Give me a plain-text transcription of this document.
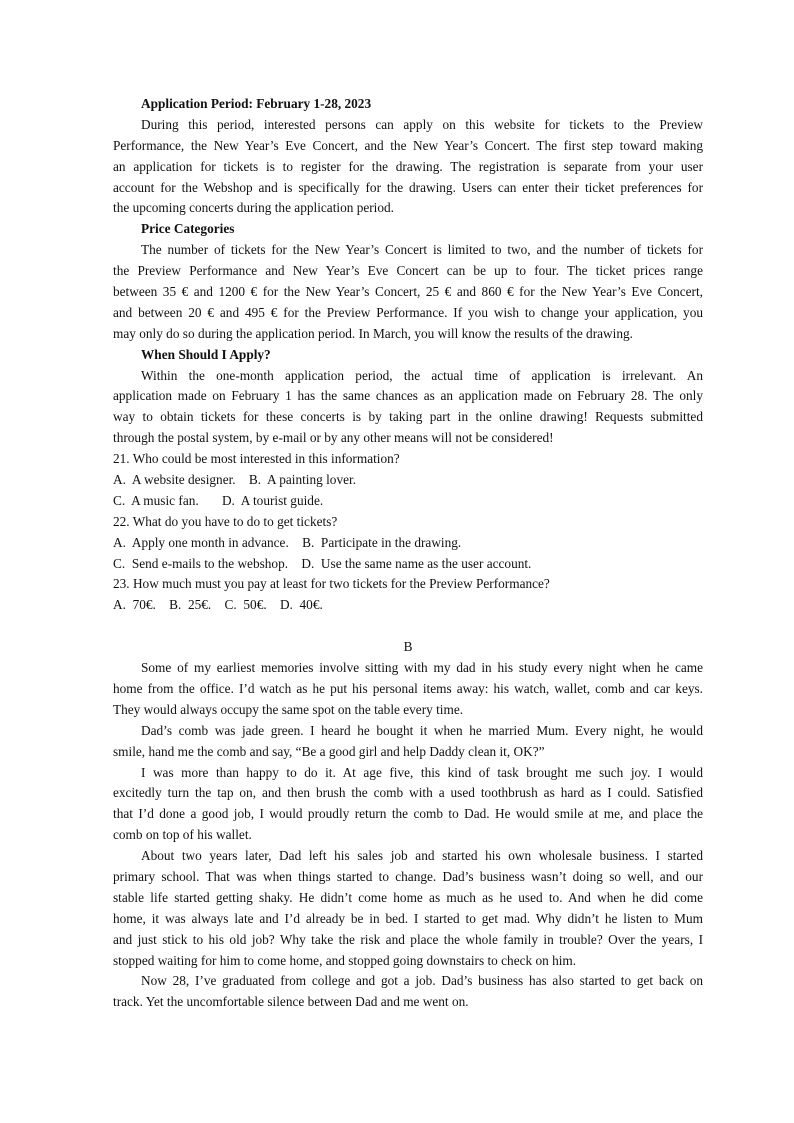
Application Period: February 1-28, 2023
During this period, interested persons can apply on this website for tickets to the Preview
Performance, the New Year’s Eve Concert, and the New Year’s Concert. The first step toward making
an application for tickets is to register for the drawing. The registration is separate from your user
account for the Webshop and is specifically for the drawing. Users can enter their ticket preferences for
the upcoming concerts during the application period.
Price Categories
The number of tickets for the New Year’s Concert is limited to two, and the number of tickets for
the Preview Performance and New Year’s Eve Concert can be up to four. The ticket prices range
between 35 € and 1200 € for the New Year’s Concert, 25 € and 860 € for the New Year’s Eve Concert,
and between 20 € and 495 € for the Preview Performance. If you wish to change your application, you
may only do so during the application period. In March, you will know the results of the drawing.
When Should I Apply?
Within the one-month application period, the actual time of application is irrelevant. An
application made on February 1 has the same chances as an application made on February 28. The only
way to obtain tickets for these concerts is by taking part in the online drawing! Requests submitted
through the postal system, by e-mail or by any other means will not be considered!
21. Who could be most interested in this information?
A.  A website designer.    B.  A painting lover.
C.  A music fan.       D.  A tourist guide.
22. What do you have to do to get tickets?
A.  Apply one month in advance.    B.  Participate in the drawing.
C.  Send e-mails to the webshop.    D.  Use the same name as the user account.
23. How much must you pay at least for two tickets for the Preview Performance?
A.  70€.    B.  25€.    C.  50€.    D.  40€.
B
Some of my earliest memories involve sitting with my dad in his study every night when he came
home from the office. I’d watch as he put his personal items away: his watch, wallet, comb and car keys.
They would always occupy the same spot on the table every time.
Dad’s comb was jade green. I heard he bought it when he married Mum. Every night, he would
smile, hand me the comb and say, “Be a good girl and help Daddy clean it, OK?”
I was more than happy to do it. At age five, this kind of task brought me such joy. I would
excitedly turn the tap on, and then brush the comb with a used toothbrush as hard as I could. Satisfied
that I’d done a good job, I would proudly return the comb to Dad. He would smile at me, and place the
comb on top of his wallet.
About two years later, Dad left his sales job and started his own wholesale business. I started
primary school. That was when things started to change. Dad’s business wasn’t doing so well, and our
stable life started getting shaky. He didn’t come home as much as he used to. And when he did come
home, it was always late and I’d already be in bed. I started to get mad. Why didn’t he listen to Mum
and just stick to his old job? Why take the risk and place the whole family in trouble? Over the years, I
stopped waiting for him to come home, and stopped going downstairs to check on him.
Now 28, I’ve graduated from college and got a job. Dad’s business has also started to get back on
track. Yet the uncomfortable silence between Dad and me went on.
